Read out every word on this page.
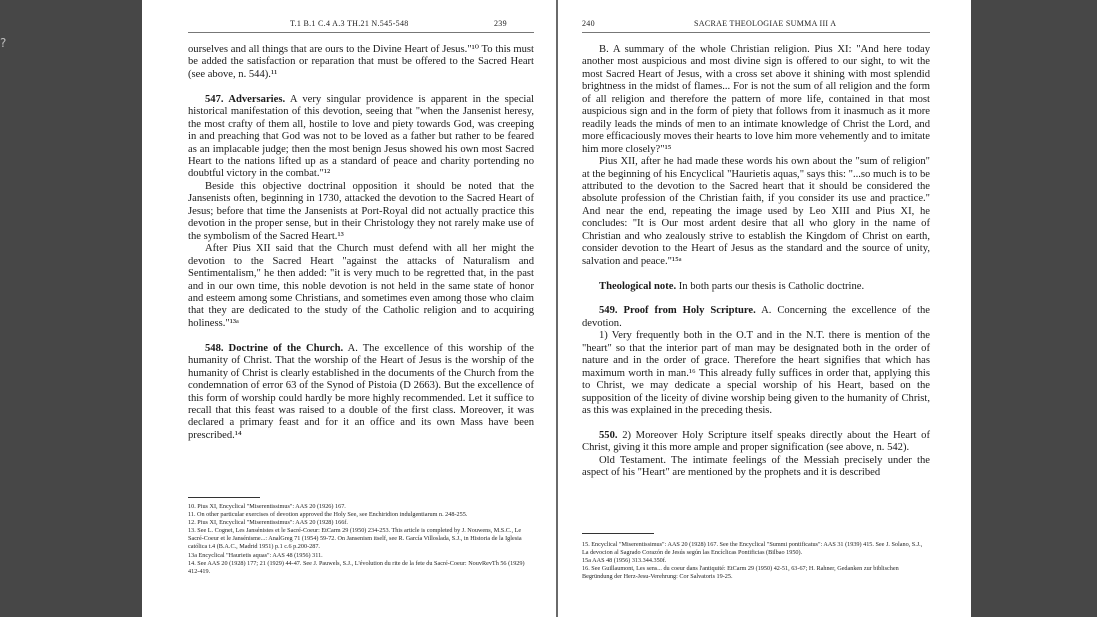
?
T.1 B.1 C.4 A.3 TH.21 N.545-548	239

ourselves and all things that are ours to the Divine Heart of Jesus."¹⁰ To this must be added the satisfaction or reparation that must be offered to the Sacred Heart (see above, n. 544).¹¹

547. Adversaries. A very singular providence is apparent in the special historical manifestation of this devotion, seeing that "when the Jansenist heresy, the most crafty of them all, hostile to love and piety towards God, was creeping in and preaching that God was not to be loved as a father but rather to be feared as an implacable judge; then the most benign Jesus showed his own most Sacred Heart to the nations lifted up as a standard of peace and charity portending no doubtful victory in the combat."¹²

Beside this objective doctrinal opposition it should be noted that the Jansenists often, beginning in 1730, attacked the devotion to the Sacred Heart of Jesus; before that time the Jansenists at Port-Royal did not actually practice this devotion in the proper sense, but in their Christology they not rarely make use of the symbolism of the Sacred Heart.¹³

After Pius XII said that the Church must defend with all her might the devotion to the Sacred Heart "against the attacks of Naturalism and Sentimentalism," he then added: "it is very much to be regretted that, in the past and in our own time, this noble devotion is not held in the same state of honor and esteem among some Christians, and sometimes even among those who claim that they are dedicated to the study of the Catholic religion and to acquiring holiness."¹³ᵃ

548. Doctrine of the Church. A. The excellence of this worship of the humanity of Christ. That the worship of the Heart of Jesus is the worship of the humanity of Christ is clearly established in the documents of the Church from the condemnation of error 63 of the Synod of Pistoia (D 2663). But the excellence of this form of worship could hardly be more highly recommended. Let it suffice to recall that this feast was raised to a double of the first class. Moreover, it was declared a primary feast and for it an office and its own Mass have been prescribed.¹⁴

10. Pius XI, Encyclical "Miserentissimus": AAS 20 (1926) 167.
11. On other particular exercises of devotion approved the Holy See, see Enchiridion indulgentiarum n. 248-255.
12. Pius XI, Encyclical "Miserentissimus": AAS 20 (1928) 166f.
13. See L. Cognet, Les Jansénistes et le Sacré-Coeur: EtCarm 29 (1950) 234-253. This article is completed by J. Nouwens, M.S.C., Le Sacré-Coeur et le Jansénisme...: AnalGreg 71 (1954) 59-72. On Jansenism itself, see R. García Villoslada, S.J., in Historia de la Iglesia católica t.4 (B.A.C., Madrid 1951) p.1 c.6 p.200-287.
13a Encyclical "Haurietis aquas": AAS 48 (1956) 311.
14. See AAS 20 (1928) 177; 21 (1929) 44-47. See J. Pauwels, S.J., L'évolution du rite de la fete du Sacré-Coeur: NouvRevTh 56 (1929) 412-419.
240	SACRAE THEOLOGIAE SUMMA III A

B. A summary of the whole Christian religion. Pius XI: "And here today another most auspicious and most divine sign is offered to our sight, to wit the most Sacred Heart of Jesus, with a cross set above it shining with most splendid brightness in the midst of flames... For is not the sum of all religion and the form of all religion and therefore the pattern of more life, contained in that most auspicious sign and in the form of piety that follows from it inasmuch as it more readily leads the minds of men to an intimate knowledge of Christ the Lord, and more efficaciously moves their hearts to love him more vehemently and to imitate him more closely?"¹⁵

Pius XII, after he had made these words his own about the "sum of religion" at the beginning of his Encyclical "Haurietis aquas," says this: "...so much is to be attributed to the devotion to the Sacred heart that it should be considered the absolute profession of the Christian faith, if you consider its use and practice." And near the end, repeating the image used by Leo XIII and Pius XI, he concludes: "It is Our most ardent desire that all who glory in the name of Christian and who zealously strive to establish the Kingdom of Christ on earth, consider devotion to the Heart of Jesus as the standard and the source of unity, salvation and peace."¹⁵ᵃ

Theological note. In both parts our thesis is Catholic doctrine.

549. Proof from Holy Scripture. A. Concerning the excellence of the devotion.

1) Very frequently both in the O.T and in the N.T. there is mention of the "heart" so that the interior part of man may be designated both in the order of nature and in the order of grace. Therefore the heart signifies that which has maximum worth in man.¹⁶ This already fully suffices in order that, applying this to Christ, we may dedicate a special worship of his Heart, based on the supposition of the liceity of divine worship being given to the humanity of Christ, as this was explained in the preceding thesis.

550. 2) Moreover Holy Scripture itself speaks directly about the Heart of Christ, giving it this more ample and proper signification (see above, n. 542).

Old Testament. The intimate feelings of the Messiah precisely under the aspect of his "Heart" are mentioned by the prophets and it is described

15. Encyclical "Miserentissimus": AAS 20 (1928) 167. See the Encyclical "Summi pontificatus": AAS 31 (1939) 415. See J. Solano, S.J., La devocion al Sagrado Corazón de Jesús según las Encíclicas Pontificias (Bilbao 1950).
15a AAS 48 (1956) 313.344.350f.
16. See Guillaumont, Les sens... du coeur dans l'antiquité: EtCarm 29 (1950) 42-51, 63-67; H. Rahner, Gedanken zur biblischen Begründung der Herz-Jesu-Verehrung: Cor Salvatoris 19-25.
